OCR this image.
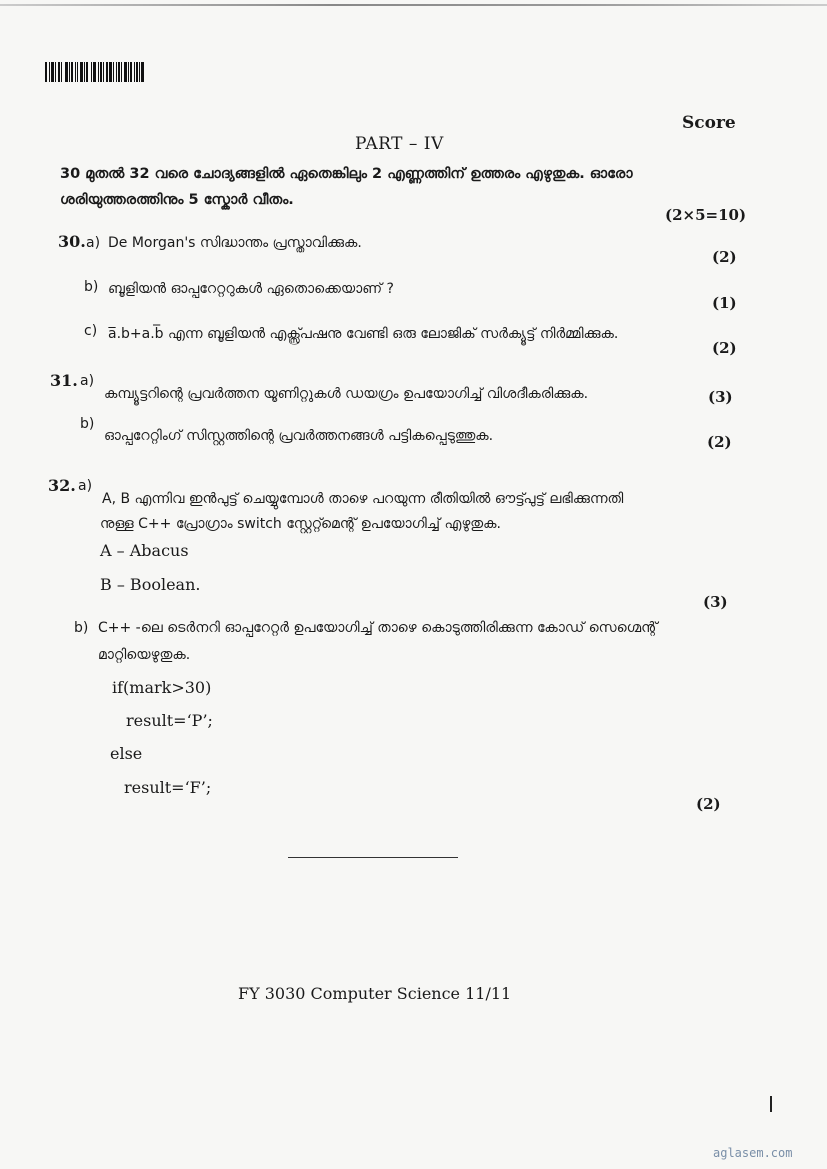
Score
PART – IV
30 മുതൽ 32 വരെ ചോദ്യങ്ങളിൽ ഏതെങ്കിലും 2 എണ്ണത്തിന് ഉത്തരം എഴുതുക. ഓരോ
ശരിയുത്തരത്തിനും 5 സ്കോർ വീതം.
(2×5=10)
30. a) De Morgan's സിദ്ധാന്തം പ്രസ്താവിക്കുക.
(2)
b) ബൂളിയൻ ഓപ്പറേറ്ററുകൾ ഏതൊക്കെയാണ് ?
(1)
c) a̅.b+a.b̅ എന്ന ബൂളിയൻ എക്സ്പ്രഷനു വേണ്ടി ഒരു ലോജിക് സർക്യൂട്ട് നിർമ്മിക്കുക.
(2)
31. a)
കമ്പ്യൂട്ടറിന്റെ പ്രവർത്തന യൂണിറ്റുകൾ ഡയഗ്രം ഉപയോഗിച്ച് വിശദീകരിക്കുക.	(3)
b)
ഓപ്പറേറ്റിംഗ് സിസ്റ്റത്തിന്റെ പ്രവർത്തനങ്ങൾ പട്ടികപ്പെടുത്തുക.	(2)
32. a)
A, B എന്നിവ ഇൻപുട്ട് ചെയ്യുമ്പോൾ താഴെ പറയുന്ന രീതിയിൽ ഔട്ട്പുട്ട് ലഭിക്കുന്നതി
നുള്ള C++ പ്രോഗ്രാം switch സ്റ്റേറ്റ്മെന്റ് ഉപയോഗിച്ച് എഴുതുക.
A – Abacus
B – Boolean.
(3)
b) C++ -ലെ ടെർനറി ഓപ്പറേറ്റർ ഉപയോഗിച്ച് താഴെ കൊടുത്തിരിക്കുന്ന കോഡ് സെഗ്മെന്റ്
മാറ്റിയെഴുതുക.
if(mark>30)
result=‘P’;
else
result=‘F’;
(2)
FY 3030 Computer Science 11/11
aglasem.com
